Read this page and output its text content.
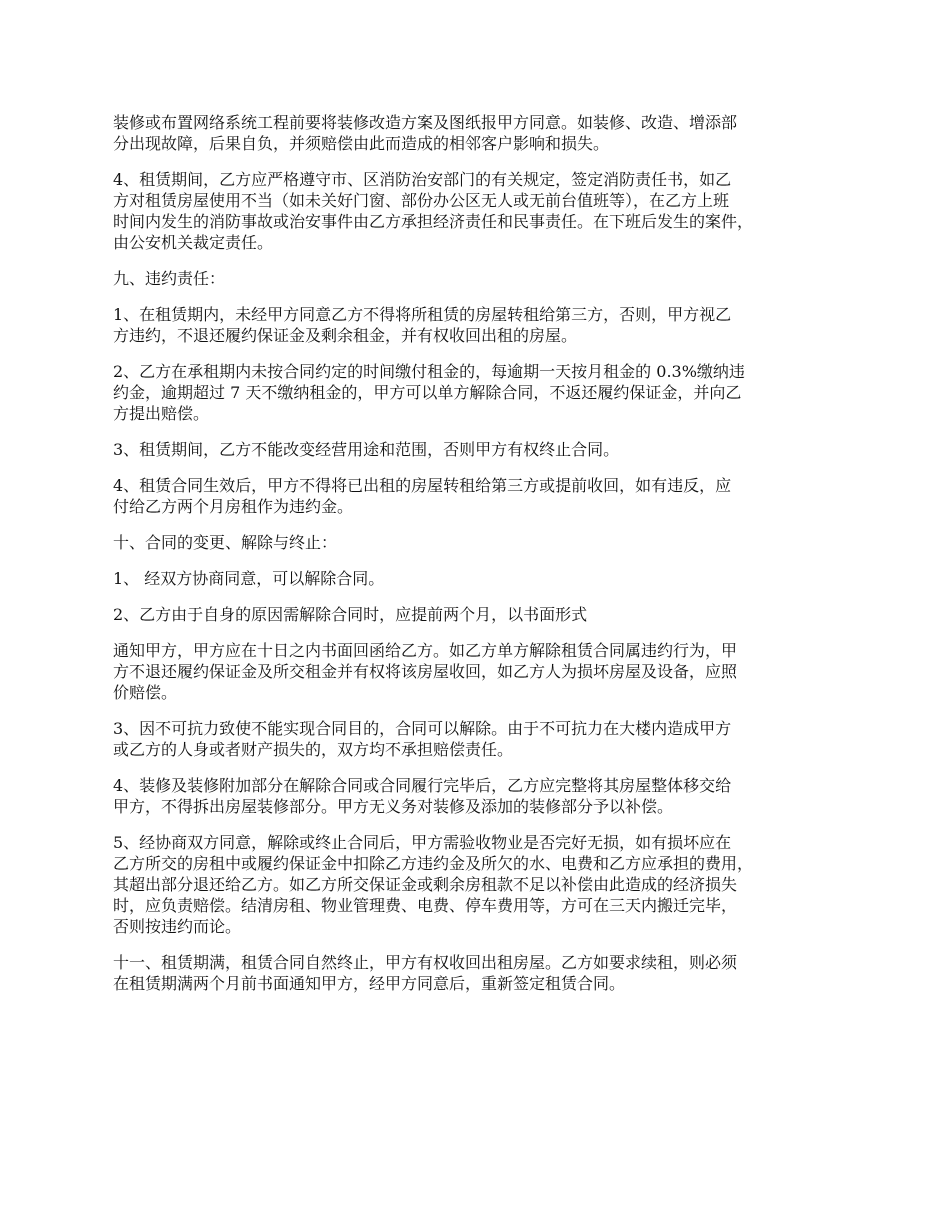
装修或布置网络系统工程前要将装修改造方案及图纸报甲方同意。如装修、改造、增添部
分出现故障，后果自负，并须赔偿由此而造成的相邻客户影响和损失。

4、租赁期间，乙方应严格遵守市、区消防治安部门的有关规定，签定消防责任书，如乙
方对租赁房屋使用不当（如未关好门窗、部份办公区无人或无前台值班等），在乙方上班
时间内发生的消防事故或治安事件由乙方承担经济责任和民事责任。在下班后发生的案件，
由公安机关裁定责任。

九、违约责任：

1、在租赁期内，未经甲方同意乙方不得将所租赁的房屋转租给第三方，否则，甲方视乙
方违约，不退还履约保证金及剩余租金，并有权收回出租的房屋。

2、乙方在承租期内未按合同约定的时间缴付租金的，每逾期一天按月租金的 0.3%缴纳违
约金，逾期超过 7 天不缴纳租金的，甲方可以单方解除合同，不返还履约保证金，并向乙
方提出赔偿。

3、租赁期间，乙方不能改变经营用途和范围，否则甲方有权终止合同。

4、租赁合同生效后，甲方不得将已出租的房屋转租给第三方或提前收回，如有违反，应
付给乙方两个月房租作为违约金。

十、合同的变更、解除与终止：

1、 经双方协商同意，可以解除合同。

2、乙方由于自身的原因需解除合同时，应提前两个月，以书面形式

通知甲方，甲方应在十日之内书面回函给乙方。如乙方单方解除租赁合同属违约行为，甲
方不退还履约保证金及所交租金并有权将该房屋收回，如乙方人为损坏房屋及设备，应照
价赔偿。

3、因不可抗力致使不能实现合同目的，合同可以解除。由于不可抗力在大楼内造成甲方
或乙方的人身或者财产损失的，双方均不承担赔偿责任。

4、装修及装修附加部分在解除合同或合同履行完毕后，乙方应完整将其房屋整体移交给
甲方，不得拆出房屋装修部分。甲方无义务对装修及添加的装修部分予以补偿。

5、经协商双方同意，解除或终止合同后，甲方需验收物业是否完好无损，如有损坏应在
乙方所交的房租中或履约保证金中扣除乙方违约金及所欠的水、电费和乙方应承担的费用，
其超出部分退还给乙方。如乙方所交保证金或剩余房租款不足以补偿由此造成的经济损失
时，应负责赔偿。结清房租、物业管理费、电费、停车费用等，方可在三天内搬迁完毕，
否则按违约而论。

十一、租赁期满，租赁合同自然终止，甲方有权收回出租房屋。乙方如要求续租，则必须
在租赁期满两个月前书面通知甲方，经甲方同意后，重新签定租赁合同。
